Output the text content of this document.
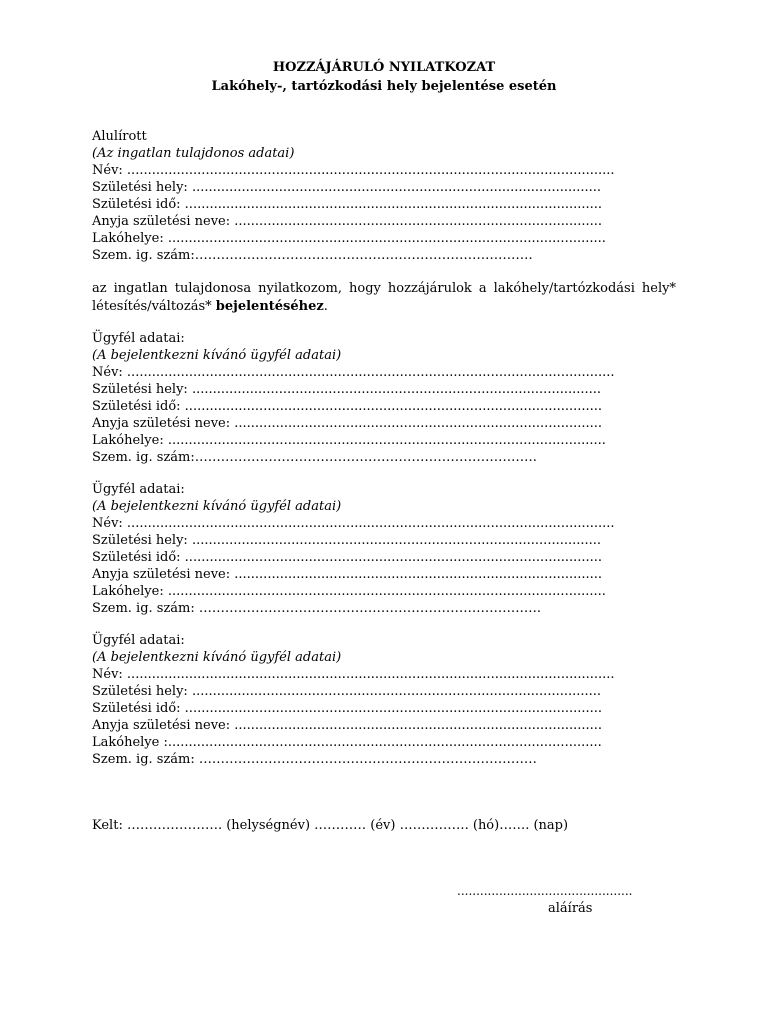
HOZZÁJÁRULÓ NYILATKOZAT
Lakóhely-, tartózkodási hely bejelentése esetén
Alulírott
(Az ingatlan tulajdonos adatai)
Név: ......................................................................................................................
Születési hely: ...................................................................................................
Születési idő: .....................................................................................................
Anyja születési neve: .........................................................................................
Lakóhelye: ..........................................................................................................
Szem. ig. szám:……………………………………………………………………
az ingatlan tulajdonosa nyilatkozom, hogy hozzájárulok a lakóhely/tartózkodási hely* létesítés/változás* bejelentéséhez.
Ügyfél adatai:
(A bejelentkezni kívánó ügyfél adatai)
Név: ......................................................................................................................
Születési hely: ...................................................................................................
Születési idő: .....................................................................................................
Anyja születési neve: .........................................................................................
Lakóhelye: ..........................................................................................................
Szem. ig. szám:…………………………………………………………………….
Ügyfél adatai:
(A bejelentkezni kívánó ügyfél adatai)
Név: ......................................................................................................................
Születési hely: ...................................................................................................
Születési idő: .....................................................................................................
Anyja születési neve: .........................................................................................
Lakóhelye: ..........................................................................................................
Szem. ig. szám: …………………………………………………………………….
Ügyfél adatai:
(A bejelentkezni kívánó ügyfél adatai)
Név: ......................................................................................................................
Születési hely: ...................................................................................................
Születési idő: .....................................................................................................
Anyja születési neve: .........................................................................................
Lakóhelye :.........................................................................................................
Szem. ig. szám: ……………………………………………………………………
Kelt: …………………. (helységnév) ………… (év) ……………. (hó)……. (nap)
..............................................
aláírás
